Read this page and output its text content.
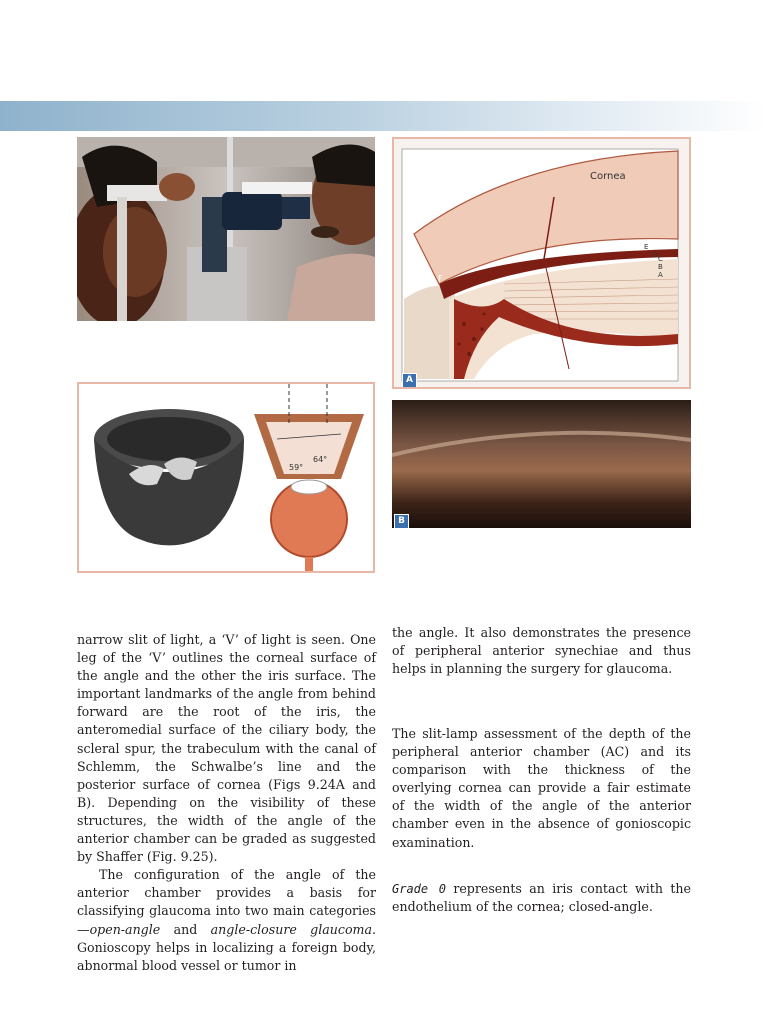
Cornea
E
D C
B
A
F
A
B
59°
64°

narrow slit of light, a ‘V’ of light is seen. One leg of the ‘V’ outlines the corneal surface of the angle and the other the iris surface. The important landmarks of the angle from behind forward are the root of the iris, the anteromedial surface of the ciliary body, the scleral spur, the trabeculum with the canal of Schlemm, the Schwalbe’s line and the posterior surface of cornea (Figs 9.24A and B). Depending on the visibility of these structures, the width of the angle of the anterior chamber can be graded as suggested by Shaffer (Fig. 9.25).

The configuration of the angle of the anterior chamber provides a basis for classifying glaucoma into two main categories—open-angle and angle-closure glaucoma. Gonioscopy helps in localizing a foreign body, abnormal blood vessel or tumor in

the angle. It also demonstrates the presence of peripheral anterior synechiae and thus helps in planning the surgery for glaucoma.

The slit-lamp assessment of the depth of the peripheral anterior chamber (AC) and its comparison with the thickness of the overlying cornea can provide a fair estimate of the width of the angle of the anterior chamber even in the absence of gonioscopic examination.

Grade 0 represents an iris contact with the endothelium of the cornea; closed-angle.
